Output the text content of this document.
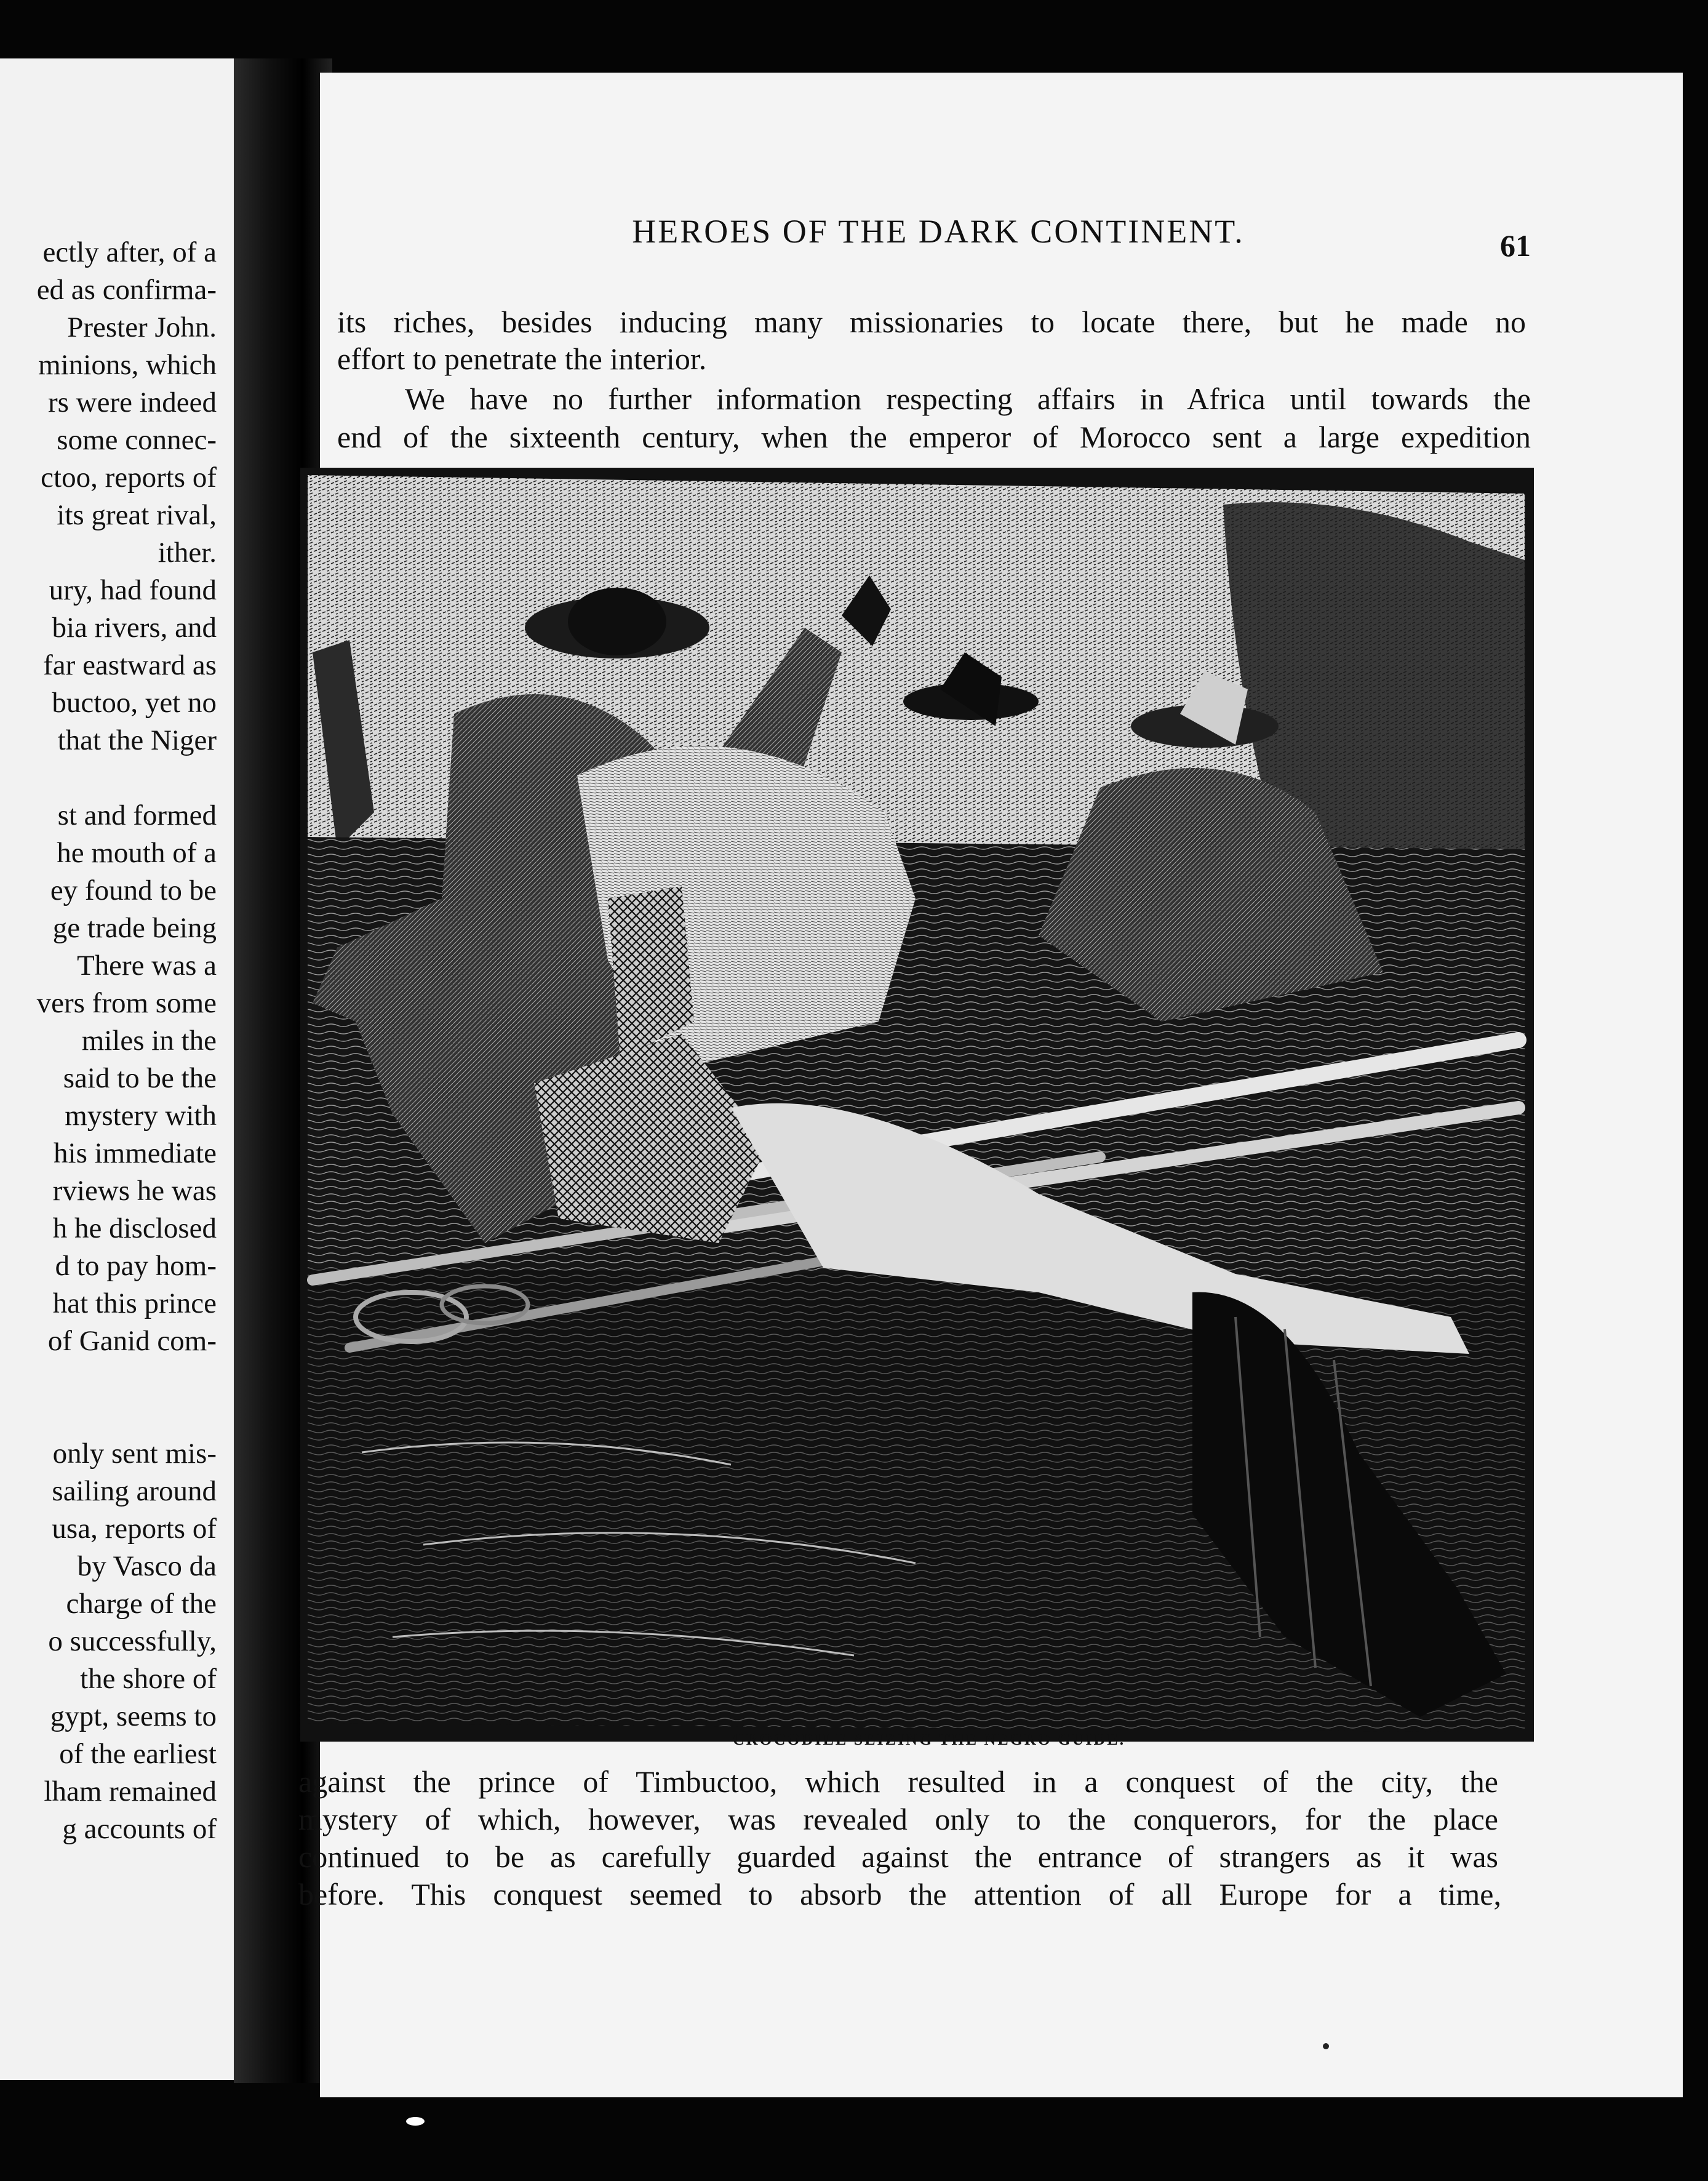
ectly after, of a
ed as confirma-
Prester John.
minions, which
rs were indeed
some connec-
ctoo, reports of
its great rival,
ither.
ury, had found
bia rivers, and
far eastward as
buctoo, yet no
that the Niger
st and formed
he mouth of a
ey found to be
ge trade being
There was a
vers from some
miles in the
said to be the
mystery with
his immediate
rviews he was
h he disclosed
d to pay hom-
hat this prince
of Ganid com-
only sent mis-
sailing around
usa, reports of
by Vasco da
charge of the
o successfully,
the shore of
gypt, seems to
of the earliest
lham remained
g accounts of
HEROES OF THE DARK CONTINENT.	61
its riches, besides inducing many missionaries to locate there, but he made no
effort to penetrate the interior.
We have no further information respecting affairs in Africa until towards the
end of the sixteenth century, when the emperor of Morocco sent a large expedition
CROCODILE SEIZING THE NEGRO GUIDE.
against the prince of Timbuctoo, which resulted in a conquest of the city, the
mystery of which, however, was revealed only to the conquerors, for the place
continued to be as carefully guarded against the entrance of strangers as it was
before. This conquest seemed to absorb the attention of all Europe for a time,
